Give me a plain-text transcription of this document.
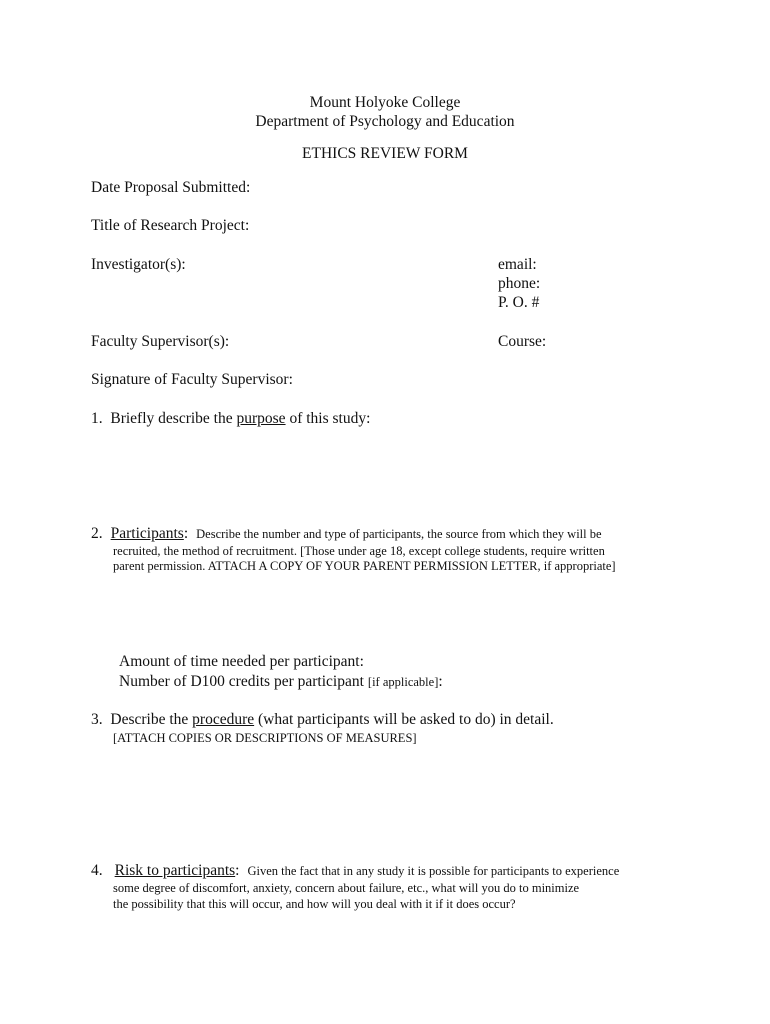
Mount Holyoke College
Department of Psychology and Education
ETHICS REVIEW FORM
Date Proposal Submitted:
Title of Research Project:
Investigator(s):	email:
phone:
P. O. #
Faculty Supervisor(s):	Course:
Signature of Faculty Supervisor:
1. Briefly describe the purpose of this study:
2. Participants: Describe the number and type of participants, the source from which they will be
recruited, the method of recruitment. [Those under age 18, except college students, require written
parent permission. ATTACH A COPY OF YOUR PARENT PERMISSION LETTER, if appropriate]
Amount of time needed per participant:
Number of D100 credits per participant [if applicable]:
3. Describe the procedure (what participants will be asked to do) in detail.
[ATTACH COPIES OR DESCRIPTIONS OF MEASURES]
4. Risk to participants: Given the fact that in any study it is possible for participants to experience
some degree of discomfort, anxiety, concern about failure, etc., what will you do to minimize
the possibility that this will occur, and how will you deal with it if it does occur?
